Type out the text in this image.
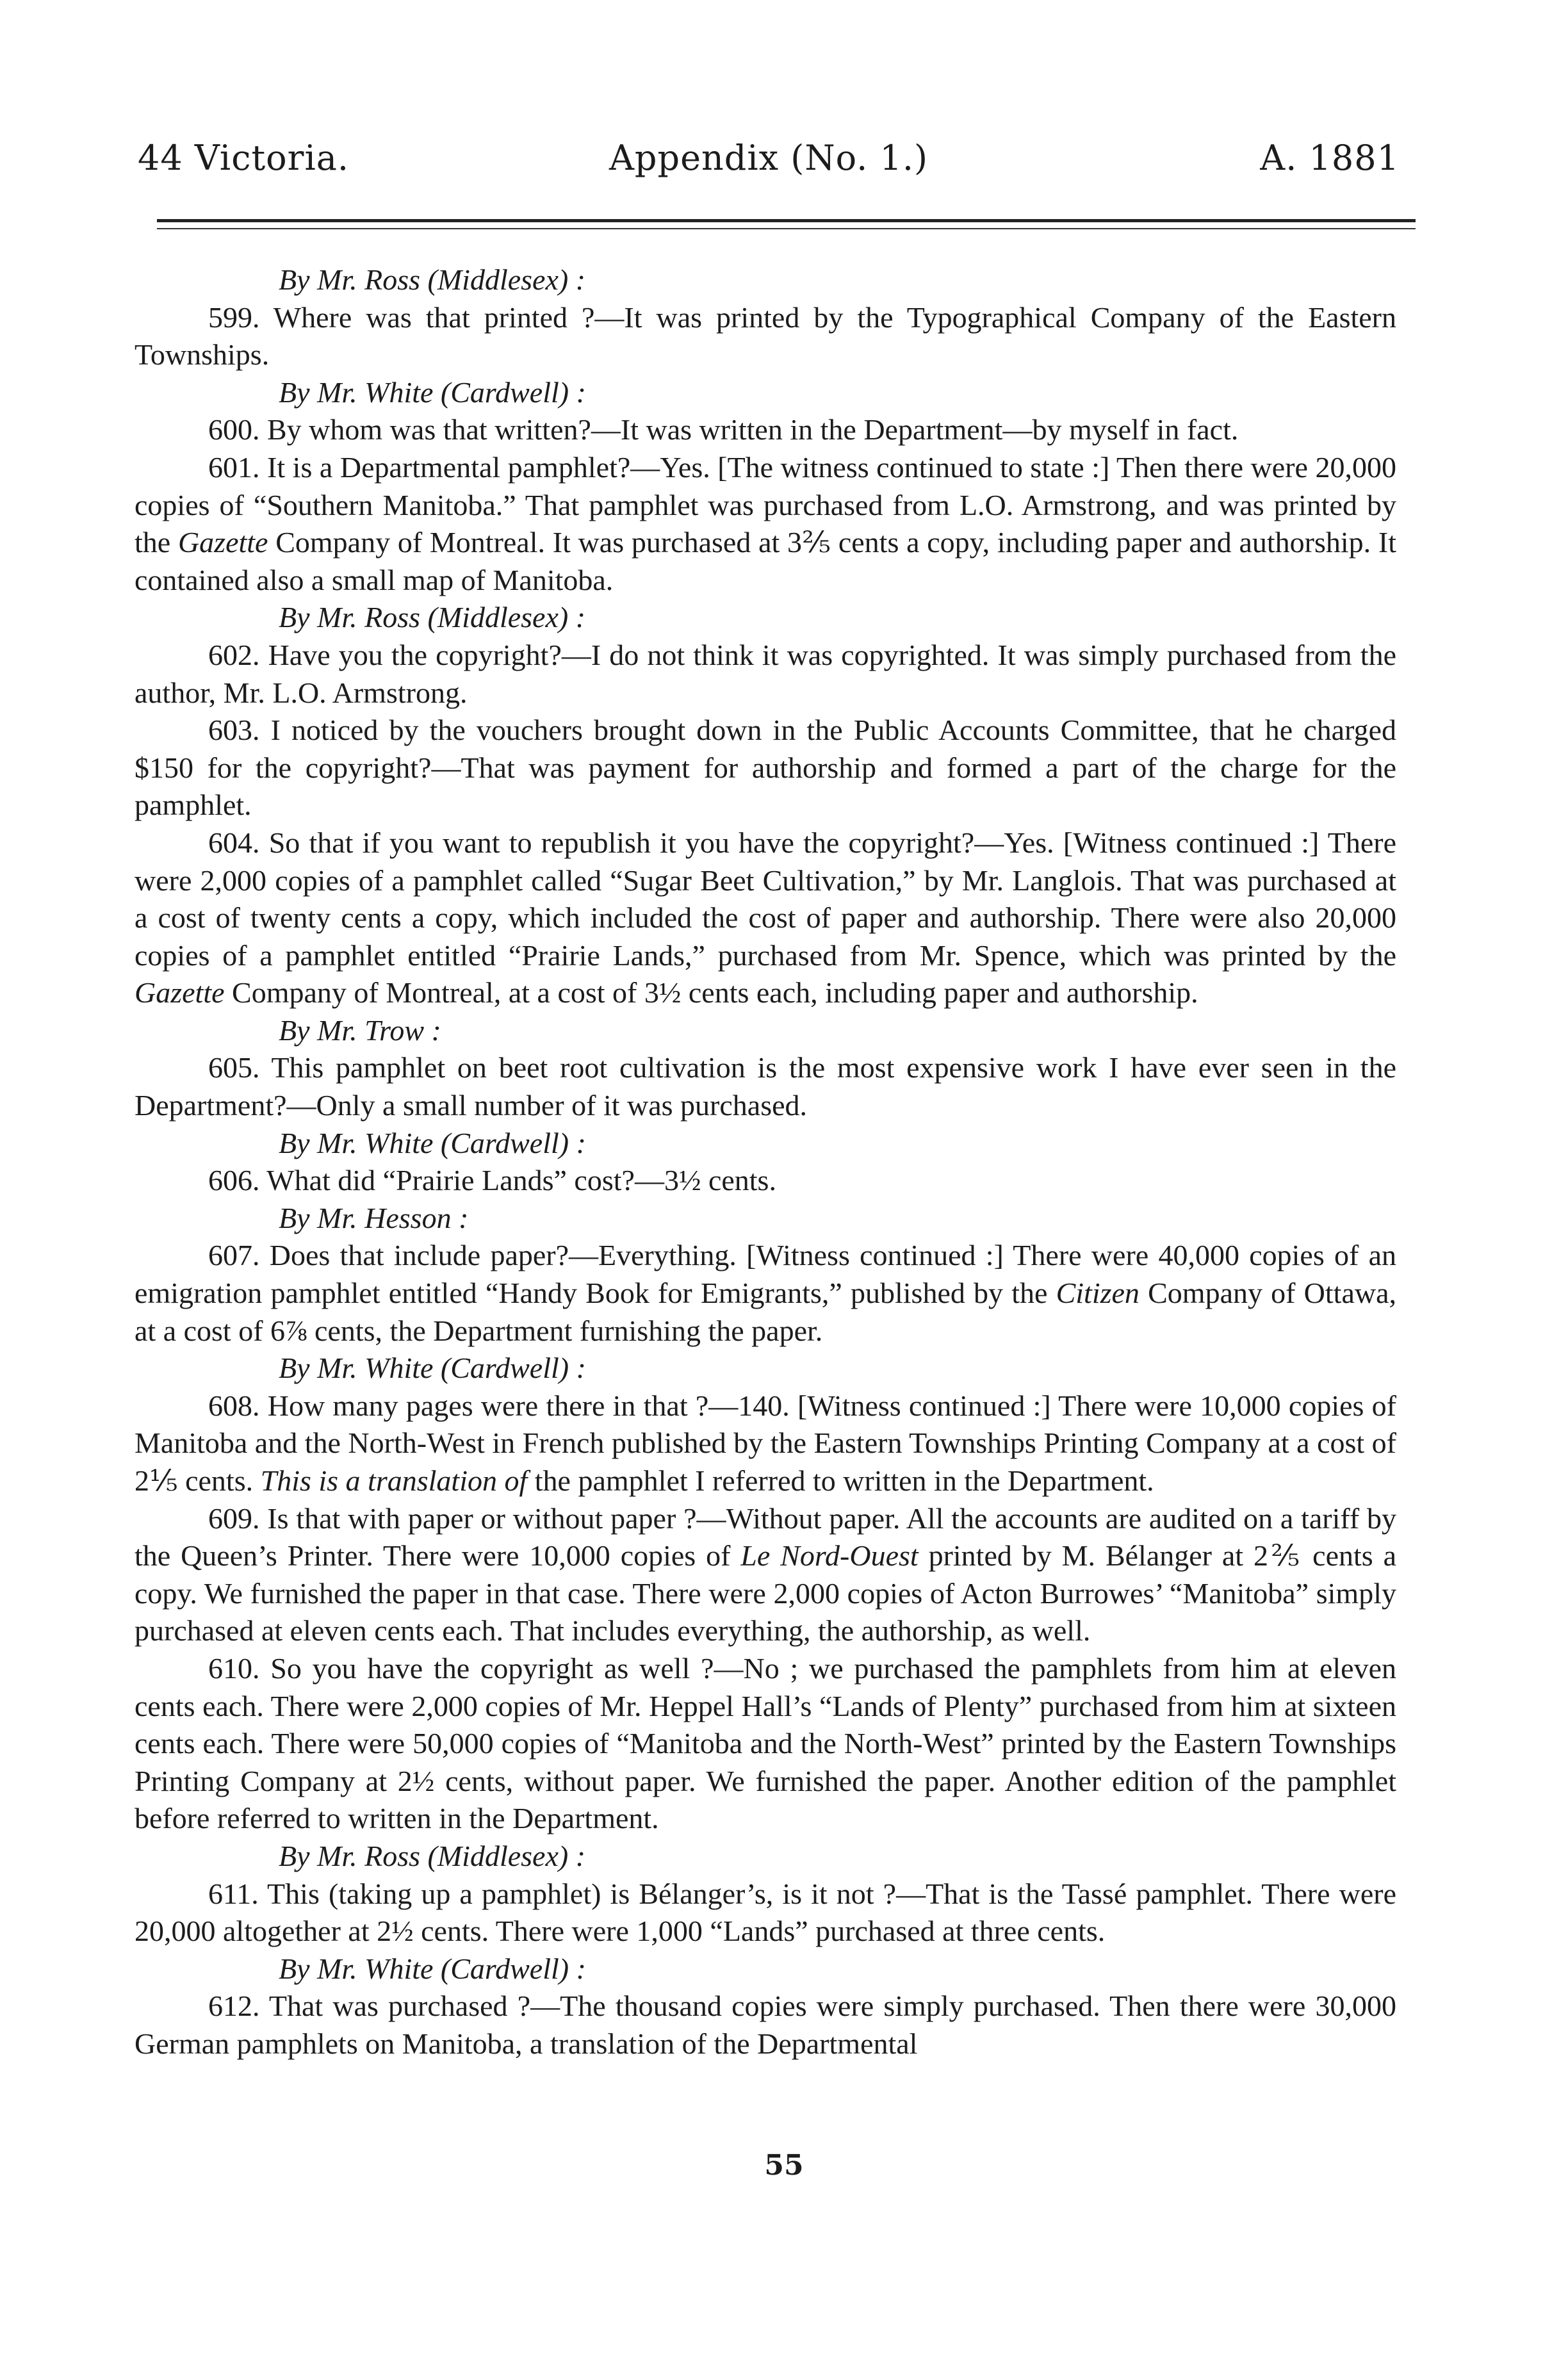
44 Victoria.	Appendix (No. 1.)	A. 1881

By Mr. Ross (Middlesex) :

599. Where was that printed ?—It was printed by the Typographical Company of the Eastern Townships.

By Mr. White (Cardwell) :

600. By whom was that written?—It was written in the Department—by myself in fact.

601. It is a Departmental pamphlet?—Yes. [The witness continued to state :] Then there were 20,000 copies of “Southern Manitoba.” That pamphlet was purchased from L.O. Armstrong, and was printed by the Gazette Company of Montreal. It was purchased at 3⅖ cents a copy, including paper and authorship. It contained also a small map of Manitoba.

By Mr. Ross (Middlesex) :

602. Have you the copyright?—I do not think it was copyrighted. It was simply purchased from the author, Mr. L.O. Armstrong.

603. I noticed by the vouchers brought down in the Public Accounts Committee, that he charged $150 for the copyright?—That was payment for authorship and formed a part of the charge for the pamphlet.

604. So that if you want to republish it you have the copyright?—Yes. [Witness continued :] There were 2,000 copies of a pamphlet called “Sugar Beet Cultivation,” by Mr. Langlois. That was purchased at a cost of twenty cents a copy, which included the cost of paper and authorship. There were also 20,000 copies of a pamphlet entitled “Prairie Lands,” purchased from Mr. Spence, which was printed by the Gazette Company of Montreal, at a cost of 3½ cents each, including paper and authorship.

By Mr. Trow :

605. This pamphlet on beet root cultivation is the most expensive work I have ever seen in the Department?—Only a small number of it was purchased.

By Mr. White (Cardwell) :

606. What did “Prairie Lands” cost?—3½ cents.

By Mr. Hesson :

607. Does that include paper?—Everything. [Witness continued :] There were 40,000 copies of an emigration pamphlet entitled “Handy Book for Emigrants,” published by the Citizen Company of Ottawa, at a cost of 6⅞ cents, the Department furnishing the paper.

By Mr. White (Cardwell) :

608. How many pages were there in that ?—140. [Witness continued :] There were 10,000 copies of Manitoba and the North-West in French published by the Eastern Townships Printing Company at a cost of 2⅕ cents. This is a translation of the pamphlet I referred to written in the Department.

609. Is that with paper or without paper ?—Without paper. All the accounts are audited on a tariff by the Queen’s Printer. There were 10,000 copies of Le Nord-Ouest printed by M. Bélanger at 2⅖ cents a copy. We furnished the paper in that case. There were 2,000 copies of Acton Burrowes’ “Manitoba” simply purchased at eleven cents each. That includes everything, the authorship, as well.

610. So you have the copyright as well ?—No ; we purchased the pamphlets from him at eleven cents each. There were 2,000 copies of Mr. Heppel Hall’s “Lands of Plenty” purchased from him at sixteen cents each. There were 50,000 copies of “Manitoba and the North-West” printed by the Eastern Townships Printing Company at 2½ cents, without paper. We furnished the paper. Another edition of the pamphlet before referred to written in the Department.

By Mr. Ross (Middlesex) :

611. This (taking up a pamphlet) is Bélanger’s, is it not ?—That is the Tassé pamphlet. There were 20,000 altogether at 2½ cents. There were 1,000 “Lands” purchased at three cents.

By Mr. White (Cardwell) :

612. That was purchased ?—The thousand copies were simply purchased. Then there were 30,000 German pamphlets on Manitoba, a translation of the Departmental

55
